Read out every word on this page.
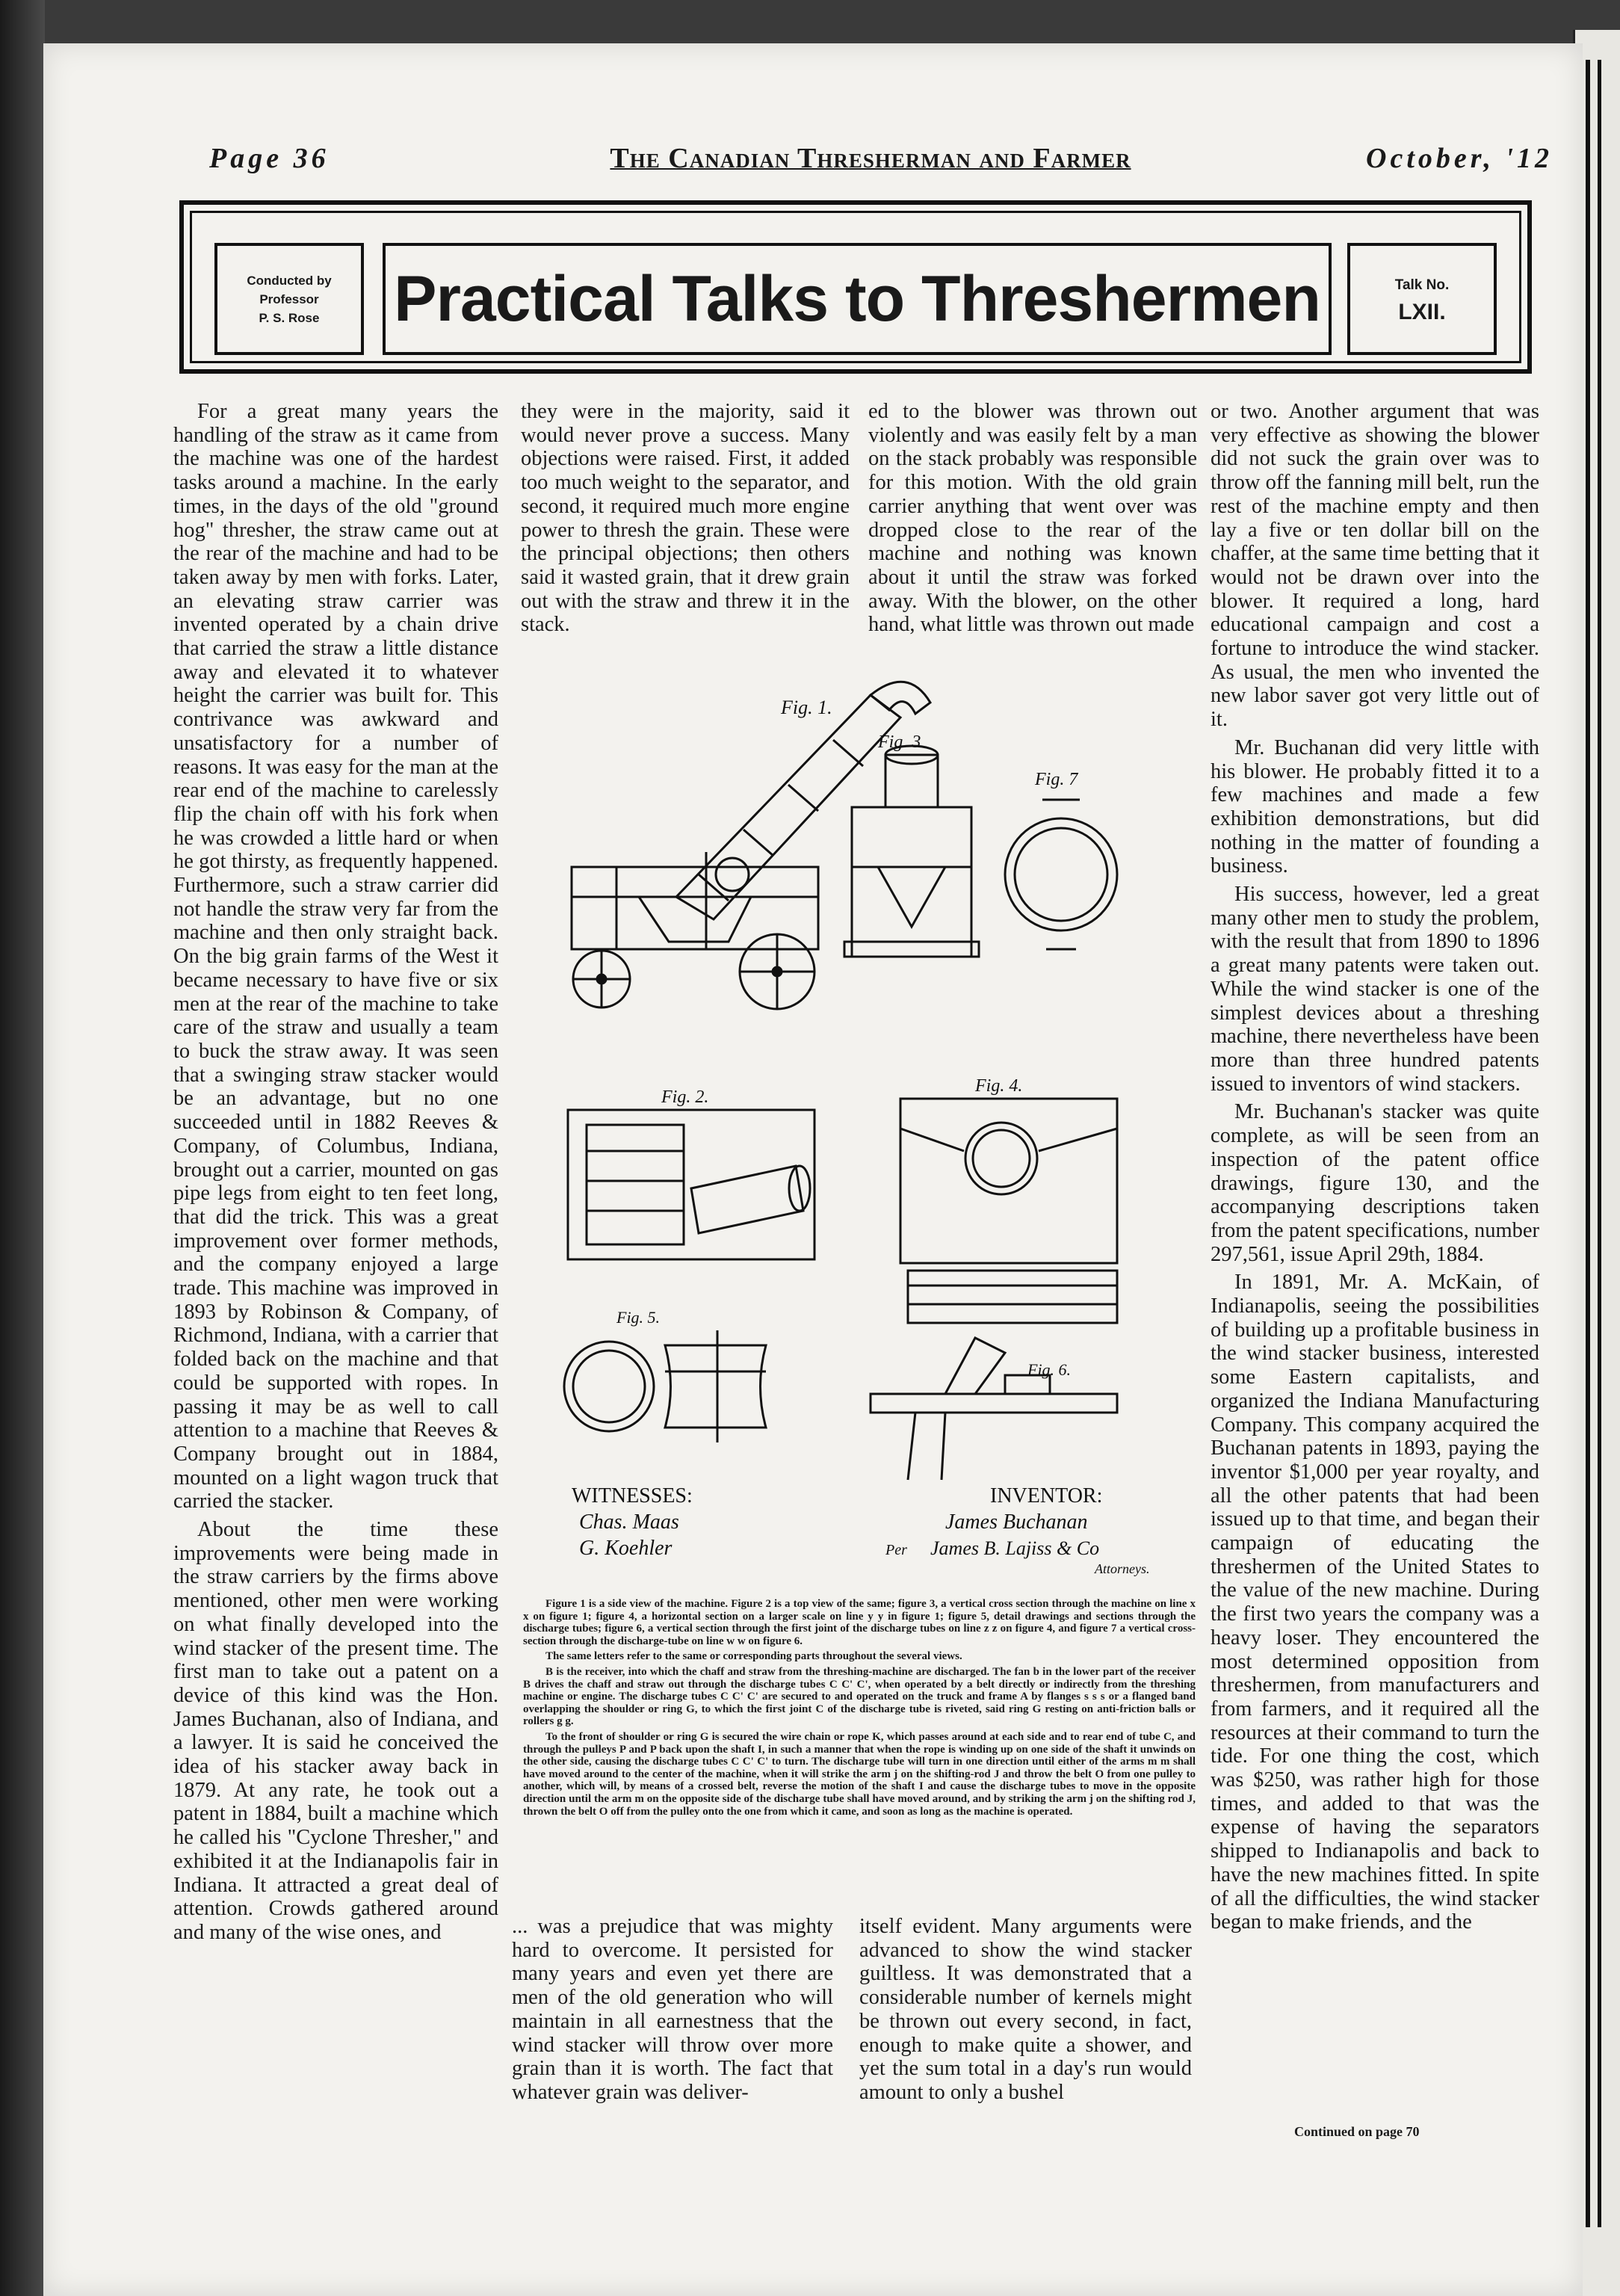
Page 36	The Canadian Thresherman and Farmer	October, '12
Conducted by
Professor
P. S. Rose Practical Talks to Threshermen	Talk No.
LXII.

For a great many years the handling of the straw as it came from the machine was one of the hardest tasks around a machine. In the early times, in the days of the old "ground hog" thresher, the straw came out at the rear of the machine and had to be taken away by men with forks. Later, an elevating straw carrier was invented operated by a chain drive that carried the straw a little distance away and elevated it to whatever height the carrier was built for. This contrivance was awkward and unsatisfactory for a number of reasons. It was easy for the man at the rear end of the machine to carelessly flip the chain off with his fork when he was crowded a little hard or when he got thirsty, as frequently happened. Furthermore, such a straw carrier did not handle the straw very far from the machine and then only straight back. On the big grain farms of the West it became necessary to have five or six men at the rear of the machine to take care of the straw and usually a team to buck the straw away. It was seen that a swinging straw stacker would be an advantage, but no one succeeded until in 1882 Reeves & Company, of Columbus, Indiana, brought out a carrier, mounted on gas pipe legs from eight to ten feet long, that did the trick. This was a great improvement over former methods, and the company enjoyed a large trade. This machine was improved in 1893 by Robinson & Company, of Richmond, Indiana, with a carrier that folded back on the machine and that could be supported with ropes. In passing it may be as well to call attention to a machine that Reeves & Company brought out in 1884, mounted on a light wagon truck that carried the stacker.

About the time these improvements were being made in the straw carriers by the firms above mentioned, other men were working on what finally developed into the wind stacker of the present time. The first man to take out a patent on a device of this kind was the Hon. James Buchanan, also of Indiana, and a lawyer. It is said he conceived the idea of his stacker away back in 1879. At any rate, he took out a patent in 1884, built a machine which he called his "Cyclone Thresher," and exhibited it at the Indianapolis fair in Indiana. It attracted a great deal of attention. Crowds gathered around and many of the wise ones, and

they were in the majority, said it would never prove a success. Many objections were raised. First, it added too much weight to the separator, and second, it required much more engine power to thresh the grain. These were the principal objections; then others said it wasted grain, that it drew grain out with the straw and threw it in the stack.

ed to the blower was thrown out violently and was easily felt by a man on the stack probably was responsible for this motion. With the old grain carrier anything that went over was dropped close to the rear of the machine and nothing was known about it until the straw was forked away. With the blower, on the other hand, what little was thrown out made

or two. Another argument that was very effective as showing the blower did not suck the grain over was to throw off the fanning mill belt, run the rest of the machine empty and then lay a five or ten dollar bill on the chaffer, at the same time betting that it would not be drawn over into the blower. It required a long, hard educational campaign and cost a fortune to introduce the wind stacker. As usual, the men who invented the new labor saver got very little out of it.

Mr. Buchanan did very little with his blower. He probably fitted it to a few machines and made a few exhibition demonstrations, but did nothing in the matter of founding a business.

His success, however, led a great many other men to study the problem, with the result that from 1890 to 1896 a great many patents were taken out. While the wind stacker is one of the simplest devices about a threshing machine, there nevertheless have been more than three hundred patents issued to inventors of wind stackers.

Mr. Buchanan's stacker was quite complete, as will be seen from an inspection of the patent office drawings, figure 130, and the accompanying descriptions taken from the patent specifications, number 297,561, issue April 29th, 1884.

In 1891, Mr. A. McKain, of Indianapolis, seeing the possibilities of building up a profitable business in the wind stacker business, interested some Eastern capitalists, and organized the Indiana Manufacturing Company. This company acquired the Buchanan patents in 1893, paying the inventor $1,000 per year royalty, and all the other patents that had been issued up to that time, and began their campaign of educating the threshermen of the United States to the value of the new machine. During the first two years the company was a heavy loser. They encountered the most determined opposition from threshermen, from manufacturers and from farmers, and it required all the resources at their command to turn the tide. For one thing the cost, which was $250, was rather high for those times, and added to that was the expense of having the separators shipped to Indianapolis and back to have the new machines fitted. In spite of all the difficulties, the wind stacker began to make friends, and the

Fig. 1.
Fig. 3
Fig. 7
Fig. 2.
Fig. 4.
Fig. 5.
Fig. 6.
WITNESSES:
Chas. Maas
G. Koehler
INVENTOR:
James Buchanan
Per James B. Lajiss & Co
Attorneys.

Figure 1 is a side view of the machine. Figure 2 is a top view of the same; figure 3, a vertical cross section through the machine on line x x on figure 1; figure 4, a horizontal section on a larger scale on line y y in figure 1; figure 5, detail drawings and sections through the discharge tubes; figure 6, a vertical section through the first joint of the discharge tubes on line z z on figure 4, and figure 7 a vertical cross-section through the discharge-tube on line w w on figure 6.

The same letters refer to the same or corresponding parts throughout the several views.

B is the receiver, into which the chaff and straw from the threshing-machine are discharged. The fan b in the lower part of the receiver B drives the chaff and straw out through the discharge tubes C C' C', when operated by a belt directly or indirectly from the threshing machine or engine. The discharge tubes C C' C' are secured to and operated on the truck and frame A by flanges s s s or a flanged band overlapping the shoulder or ring G, to which the first joint C of the discharge tube is riveted, said ring G resting on anti-friction balls or rollers g g.

To the front of shoulder or ring G is secured the wire chain or rope K, which passes around at each side and to rear end of tube C, and through the pulleys P and P back upon the shaft I, in such a manner that when the rope is winding up on one side of the shaft it unwinds on the other side, causing the discharge tubes C C' C' to turn. The discharge tube will turn in one direction until either of the arms m m shall have moved around to the center of the machine, when it will strike the arm j on the shifting-rod J and throw the belt O from one pulley to another, which will, by means of a crossed belt, reverse the motion of the shaft I and cause the discharge tubes to move in the opposite direction until the arm m on the opposite side of the discharge tube shall have moved around, and by striking the arm j on the shifting rod J, thrown the belt O off from the pulley onto the one from which it came, and soon as long as the machine is operated.

... was a prejudice that was mighty hard to overcome. It persisted for many years and even yet there are men of the old generation who will maintain in all earnestness that the wind stacker will throw over more grain than it is worth. The fact that whatever grain was deliver-

itself evident. Many arguments were advanced to show the wind stacker guiltless. It was demonstrated that a considerable number of kernels might be thrown out every second, in fact, enough to make quite a shower, and yet the sum total in a day's run would amount to only a bushel

Continued on page 70
